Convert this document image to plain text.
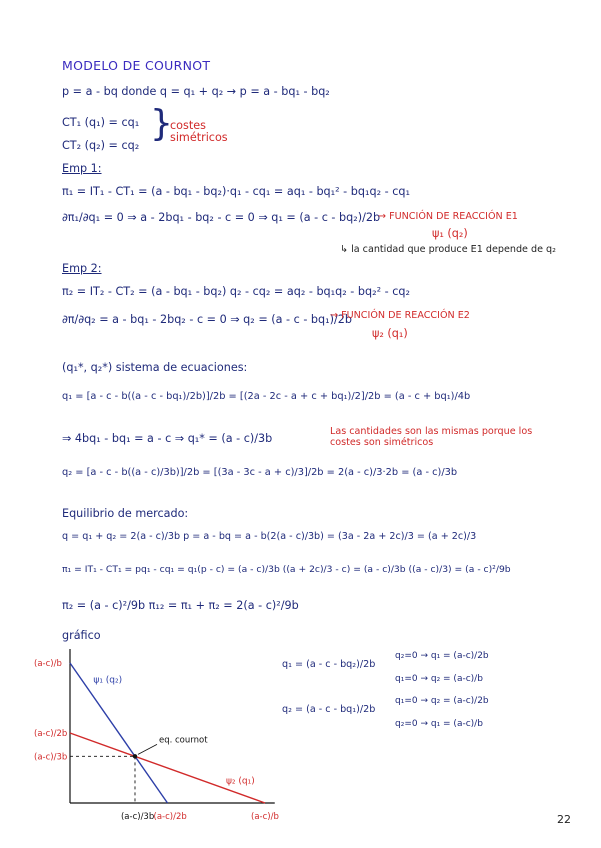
MODELO DE COURNOT
p = a - bq donde q = q₁ + q₂ → p = a - bq₁ - bq₂
CT₁ (q₁) = cq₁
CT₂ (q₂) = cq₂
}
costes simétricos
Emp 1:
π₁ = IT₁ - CT₁ = (a - bq₁ - bq₂)·q₁ - cq₁ = aq₁ - bq₁² - bq₁q₂ - cq₁
∂π₁/∂q₁ = 0 ⇒ a - 2bq₁ - bq₂ - c = 0 ⇒ q₁ = (a - c - bq₂)/2b
→ FUNCIÓN DE REACCIÓN E1
ψ₁ (q₂)
↳ la cantidad que produce E1 depende de q₂
Emp 2:
π₂ = IT₂ - CT₂ = (a - bq₁ - bq₂) q₂ - cq₂ = aq₂ - bq₁q₂ - bq₂² - cq₂
∂π/∂q₂ = a - bq₁ - 2bq₂ - c = 0 ⇒ q₂ = (a - c - bq₁)/2b
→ FUNCIÓN DE REACCIÓN E2
ψ₂ (q₁)
(q₁*, q₂*) sistema de ecuaciones:
q₁ = [a - c - b((a - c - bq₁)/2b)]/2b = [(2a - 2c - a + c + bq₁)/2]/2b = (a - c + bq₁)/4b
⇒ 4bq₁ - bq₁ = a - c ⇒ q₁* = (a - c)/3b
Las cantidades son las mismas porque los costes son simétricos
q₂ = [a - c - b((a - c)/3b)]/2b = [(3a - 3c - a + c)/3]/2b = 2(a - c)/3·2b = (a - c)/3b
Equilibrio de mercado:
q = q₁ + q₂ = 2(a - c)/3b p = a - bq = a - b(2(a - c)/3b) = (3a - 2a + 2c)/3 = (a + 2c)/3
π₁ = IT₁ - CT₁ = pq₁ - cq₁ = q₁(p - c) = (a - c)/3b ((a + 2c)/3 - c) = (a - c)/3b ((a - c)/3) = (a - c)²/9b
π₂ = (a - c)²/9b π₁₂ = π₁ + π₂ = 2(a - c)²/9b
gráfico
(a-c)/b
(a-c)/2b
(a-c)/3b
(a-c)/3b (a-c)/2b	(a-c)/b
ψ₁ (q₂)
ψ₂ (q₁)
eq. cournot
q₁ = (a - c - bq₂)/2b
q₂=0 → q₁ = (a-c)/2b
q₁=0 → q₂ = (a-c)/b
q₂ = (a - c - bq₁)/2b
q₁=0 → q₂ = (a-c)/2b
q₂=0 → q₁ = (a-c)/b
22
